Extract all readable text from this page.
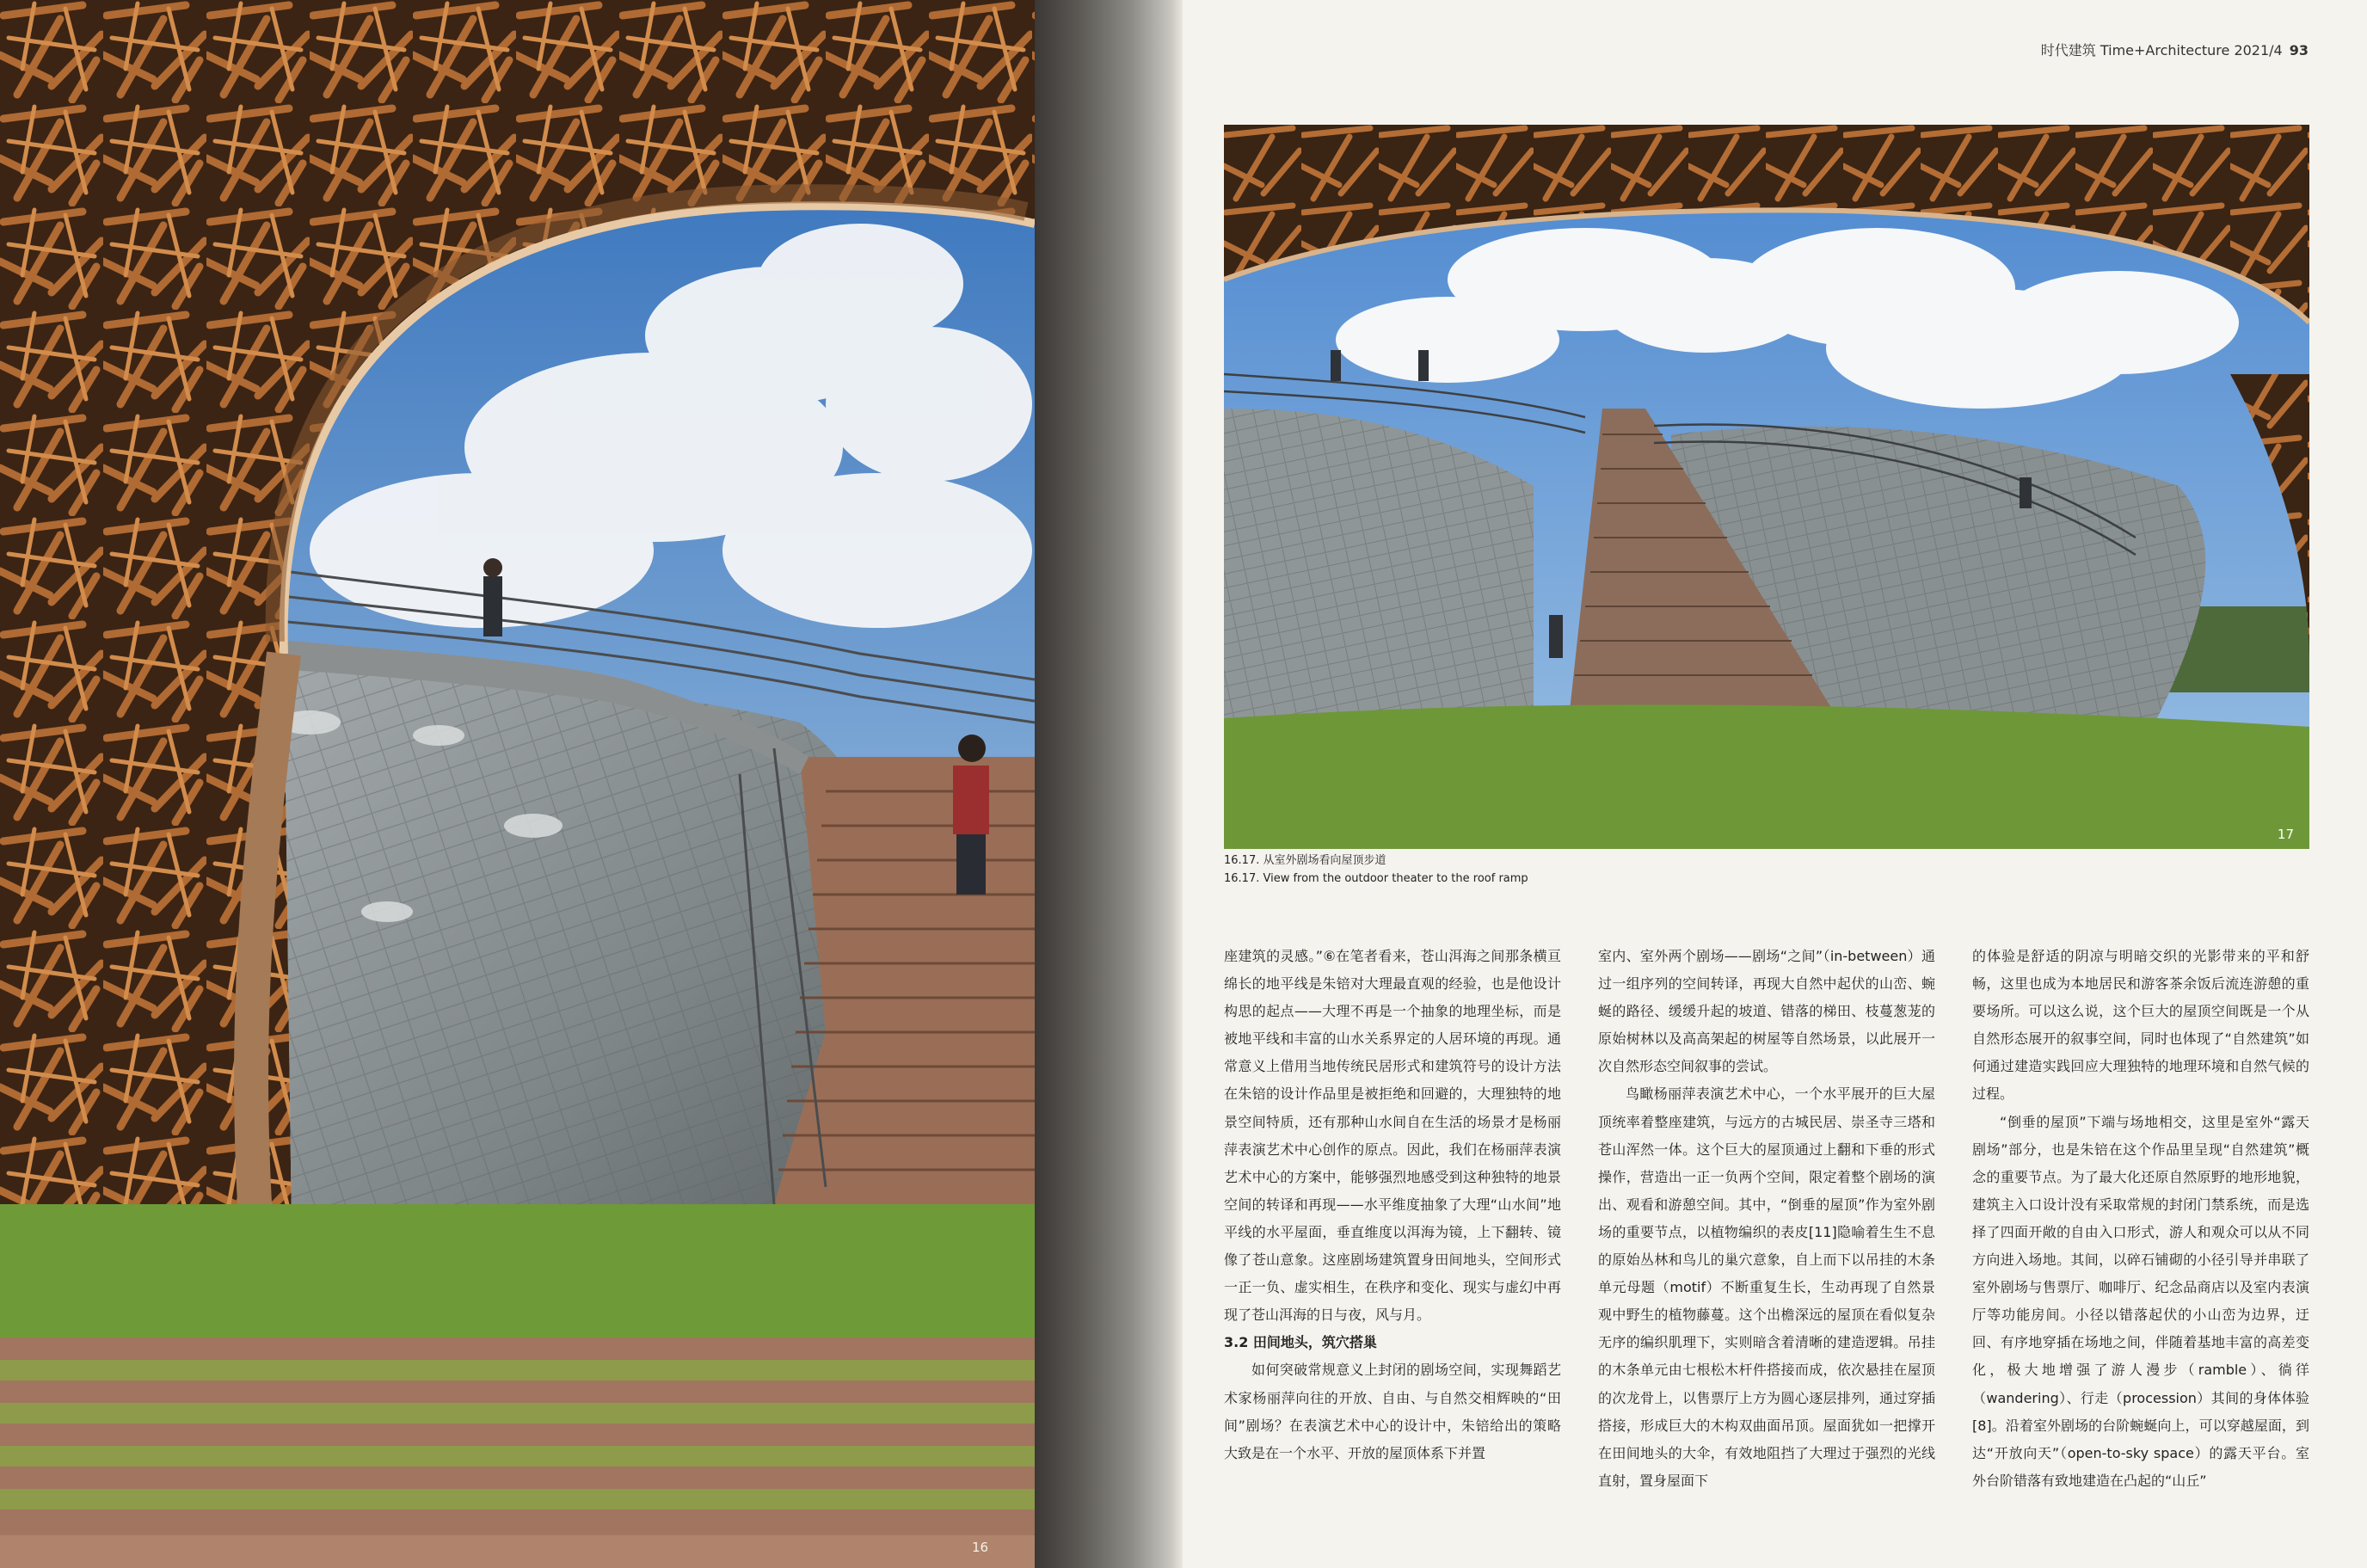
16
时代建筑 Time+Architecture 2021/4 93
17
16.17. 从室外剧场看向屋顶步道
16.17. View from the outdoor theater to the roof ramp

座建筑的灵感。”⑥在笔者看来，苍山洱海之间那条横亘绵长的地平线是朱锫对大理最直观的经验，也是他设计构思的起点——大理不再是一个抽象的地理坐标，而是被地平线和丰富的山水关系界定的人居环境的再现。通常意义上借用当地传统民居形式和建筑符号的设计方法在朱锫的设计作品里是被拒绝和回避的，大理独特的地景空间特质，还有那种山水间自在生活的场景才是杨丽萍表演艺术中心创作的原点。因此，我们在杨丽萍表演艺术中心的方案中，能够强烈地感受到这种独特的地景空间的转译和再现——水平维度抽象了大理“山水间”地平线的水平屋面，垂直维度以洱海为镜，上下翻转、镜像了苍山意象。这座剧场建筑置身田间地头，空间形式一正一负、虚实相生，在秩序和变化、现实与虚幻中再现了苍山洱海的日与夜，风与月。

3.2 田间地头，筑穴搭巢

如何突破常规意义上封闭的剧场空间，实现舞蹈艺术家杨丽萍向往的开放、自由、与自然交相辉映的“田间”剧场？在表演艺术中心的设计中，朱锫给出的策略大致是在一个水平、开放的屋顶体系下并置

室内、室外两个剧场——剧场“之间”（in-between）通过一组序列的空间转译，再现大自然中起伏的山峦、蜿蜒的路径、缓缓升起的坡道、错落的梯田、枝蔓葱茏的原始树林以及高高架起的树屋等自然场景，以此展开一次自然形态空间叙事的尝试。

鸟瞰杨丽萍表演艺术中心，一个水平展开的巨大屋顶统率着整座建筑，与远方的古城民居、崇圣寺三塔和苍山浑然一体。这个巨大的屋顶通过上翻和下垂的形式操作，营造出一正一负两个空间，限定着整个剧场的演出、观看和游憩空间。其中，“倒垂的屋顶”作为室外剧场的重要节点，以植物编织的表皮[11]隐喻着生生不息的原始丛林和鸟儿的巢穴意象，自上而下以吊挂的木条单元母题（motif）不断重复生长，生动再现了自然景观中野生的植物藤蔓。这个出檐深远的屋顶在看似复杂无序的编织肌理下，实则暗含着清晰的建造逻辑。吊挂的木条单元由七根松木杆件搭接而成，依次悬挂在屋顶的次龙骨上，以售票厅上方为圆心逐层排列，通过穿插搭接，形成巨大的木构双曲面吊顶。屋面犹如一把撑开在田间地头的大伞，有效地阻挡了大理过于强烈的光线直射，置身屋面下

的体验是舒适的阴凉与明暗交织的光影带来的平和舒畅，这里也成为本地居民和游客茶余饭后流连游憩的重要场所。可以这么说，这个巨大的屋顶空间既是一个从自然形态展开的叙事空间，同时也体现了“自然建筑”如何通过建造实践回应大理独特的地理环境和自然气候的过程。

“倒垂的屋顶”下端与场地相交，这里是室外“露天剧场”部分，也是朱锫在这个作品里呈现“自然建筑”概念的重要节点。为了最大化还原自然原野的地形地貌，建筑主入口设计没有采取常规的封闭门禁系统，而是选择了四面开敞的自由入口形式，游人和观众可以从不同方向进入场地。其间，以碎石铺砌的小径引导并串联了室外剧场与售票厅、咖啡厅、纪念品商店以及室内表演厅等功能房间。小径以错落起伏的小山峦为边界，迂回、有序地穿插在场地之间，伴随着基地丰富的高差变化，极大地增强了游人漫步（ramble）、徜徉（wandering）、行走（procession）其间的身体体验[8]。沿着室外剧场的台阶蜿蜒向上，可以穿越屋面，到达“开放向天”（open-to-sky space）的露天平台。室外台阶错落有致地建造在凸起的“山丘”
